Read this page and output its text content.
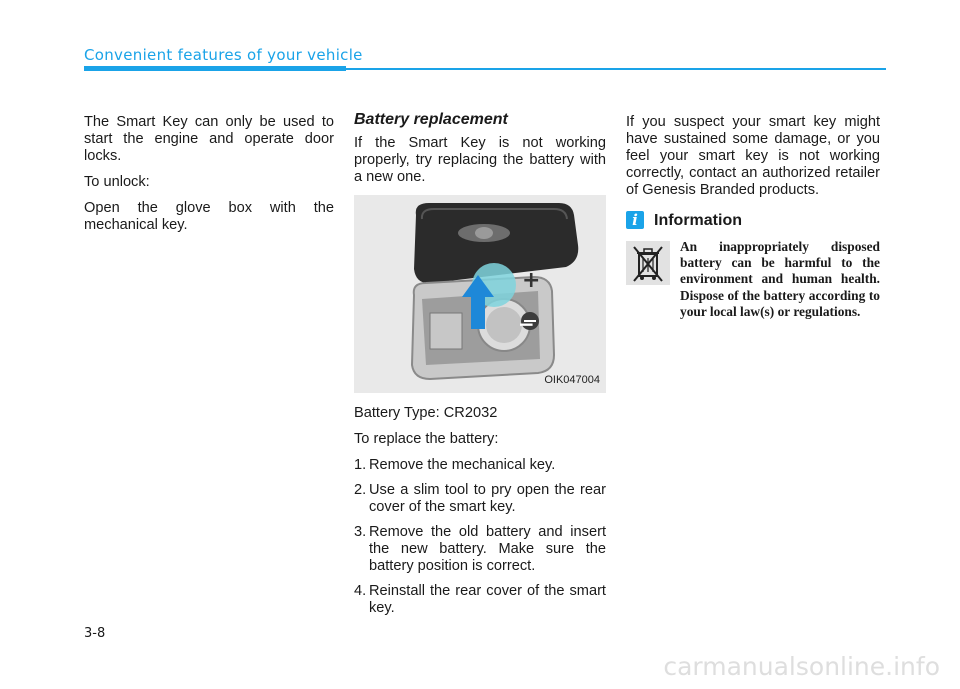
Convenient features of your vehicle

The Smart Key can only be used to start the engine and operate door locks.

To unlock:

Open the glove box with the mechanical key.

Battery replacement

If the Smart Key is not working properly, try replacing the battery with a new one.

+
−
OIK047004

Battery Type: CR2032

To replace the battery:

1. Remove the mechanical key.
2. Use a slim tool to pry open the rear cover of the smart key.
3. Remove the old battery and insert the new battery. Make sure the battery position is correct.
4. Reinstall the rear cover of the smart key.

If you suspect your smart key might have sustained some damage, or you feel your smart key is not working correctly, contact an authorized retailer of Genesis Branded products.

i	Information
An inappropriately disposed battery can be harmful to the environment and human health. Dispose of the battery according to your local law(s) or regulations.
3-8
carmanualsonline.info
